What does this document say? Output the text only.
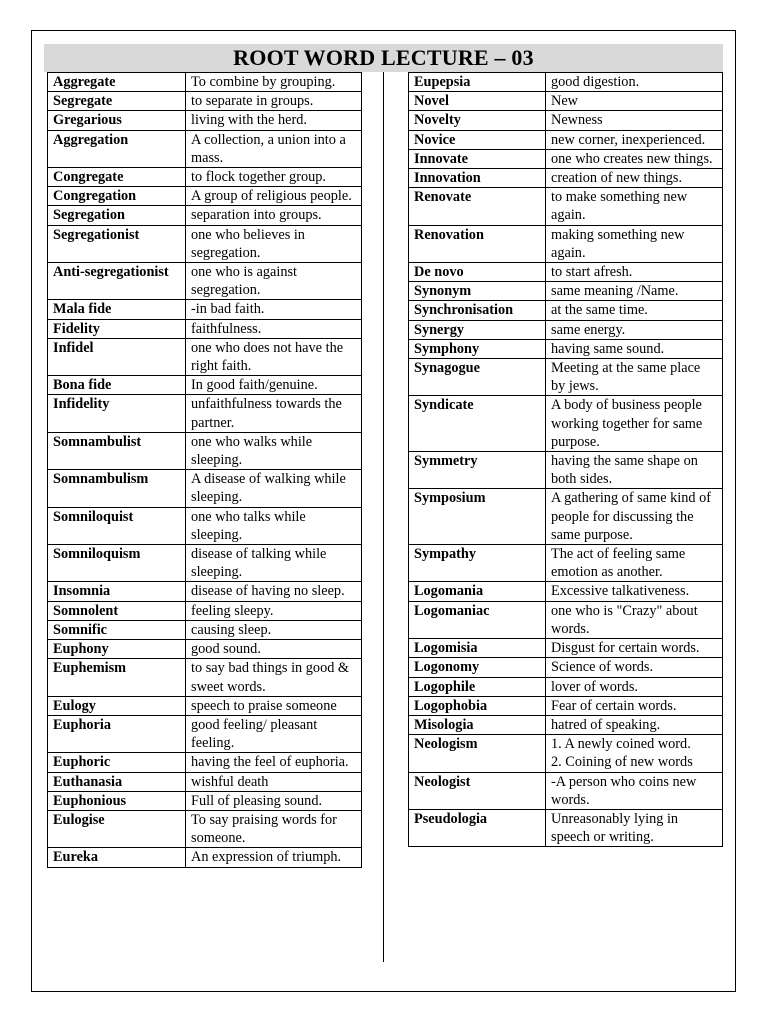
ROOT WORD LECTURE – 03
Aggregate	To combine by grouping.
Segregate	to separate in groups.
Gregarious	living with the herd.
Aggregation	A collection, a union into a mass.
Congregate	to flock together group.
Congregation	A group of religious people.
Segregation	separation into groups.
Segregationist	one who believes in segregation.
Anti-segregationist	one who is against segregation.
Mala fide	-in bad faith.
Fidelity	faithfulness.
Infidel	one who does not have the right faith.
Bona fide	In good faith/genuine.
Infidelity	unfaithfulness towards the partner.
Somnambulist	one who walks while sleeping.
Somnambulism	A disease of walking while sleeping.
Somniloquist	one who talks while sleeping.
Somniloquism	disease of talking while sleeping.
Insomnia	disease of having no sleep.
Somnolent	feeling sleepy.
Somnific	causing sleep.
Euphony	good sound.
Euphemism	to say bad things in good & sweet words.
Eulogy	speech to praise someone
Euphoria	good feeling/ pleasant feeling.
Euphoric	having the feel of euphoria.
Euthanasia	wishful death
Euphonious	Full of pleasing sound.
Eulogise	To say praising words for someone.
Eureka	An expression of triumph.
Eupepsia	good digestion.
Novel	New
Novelty	Newness
Novice	new corner, inexperienced.
Innovate	one who creates new things.
Innovation	creation of new things.
Renovate	to make something new again.
Renovation	making something new again.
De novo	to start afresh.
Synonym	same meaning /Name.
Synchronisation	at the same time.
Synergy	same energy.
Symphony	having same sound.
Synagogue	Meeting at the same place by jews.
Syndicate	A body of business people working together for same purpose.
Symmetry	having the same shape on both sides.
Symposium	A gathering of same kind of people for discussing the same purpose.
Sympathy	The act of feeling same emotion as another.
Logomania	Excessive talkativeness.
Logomaniac	one who is "Crazy" about words.
Logomisia	Disgust for certain words.
Logonomy	Science of words.
Logophile	lover of words.
Logophobia	Fear of certain words.
Misologia	hatred of speaking.
Neologism	1. A newly coined word.
2. Coining of new words

Neologist	-A person who coins new words.
Pseudologia	Unreasonably lying in speech or writing.
